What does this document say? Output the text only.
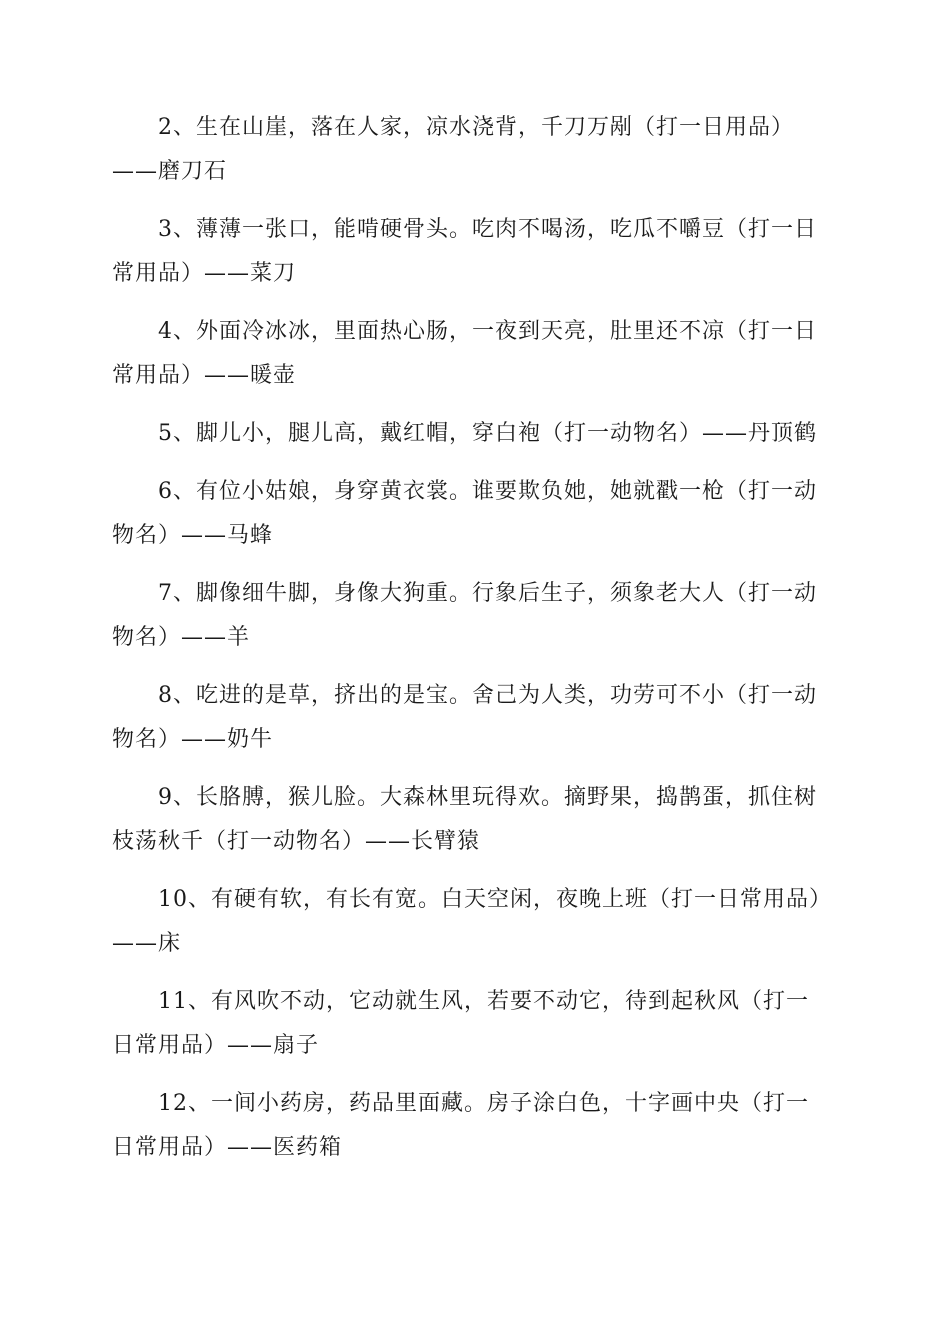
2、生在山崖，落在人家，凉水浇背，千刀万剐（打一日用品）——磨刀石

3、薄薄一张口，能啃硬骨头。吃肉不喝汤，吃瓜不嚼豆（打一日常用品）——菜刀

4、外面冷冰冰，里面热心肠，一夜到天亮，肚里还不凉（打一日常用品）——暖壶

5、脚儿小，腿儿高，戴红帽，穿白袍（打一动物名）——丹顶鹤

6、有位小姑娘，身穿黄衣裳。谁要欺负她，她就戳一枪（打一动物名）——马蜂

7、脚像细牛脚，身像大狗重。行象后生子，须象老大人（打一动物名）——羊

8、吃进的是草，挤出的是宝。舍己为人类，功劳可不小（打一动物名）——奶牛

9、长胳膊，猴儿脸。大森林里玩得欢。摘野果，捣鹊蛋，抓住树枝荡秋千（打一动物名）——长臂猿

10、有硬有软，有长有宽。白天空闲，夜晚上班（打一日常用品）——床

11、有风吹不动，它动就生风，若要不动它，待到起秋风（打一日常用品）——扇子

12、一间小药房，药品里面藏。房子涂白色，十字画中央（打一日常用品）——医药箱
